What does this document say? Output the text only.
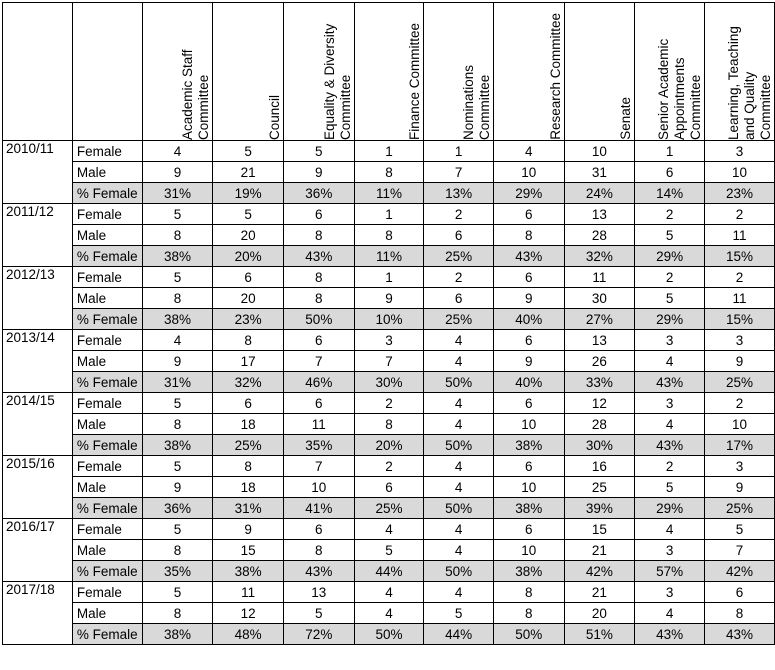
		Academic Staff Committee	Council	Equality & Diversity Committee	Finance Committee	Nominations Committee	Research Committee	Senate	Senior Academic Appointments Committee	Learning, Teaching and Quality Committee

2010/11	Female	4	5	5	1	1	4	10	1	3
	Male	9	21	9	8	7	10	31	6	10
	% Female	31%	19%	36%	11%	13%	29%	24%	14%	23%
2011/12	Female	5	5	6	1	2	6	13	2	2
	Male	8	20	8	8	6	8	28	5	11
	% Female	38%	20%	43%	11%	25%	43%	32%	29%	15%
2012/13	Female	5	6	8	1	2	6	11	2	2
	Male	8	20	8	9	6	9	30	5	11
	% Female	38%	23%	50%	10%	25%	40%	27%	29%	15%
2013/14	Female	4	8	6	3	4	6	13	3	3
	Male	9	17	7	7	4	9	26	4	9
	% Female	31%	32%	46%	30%	50%	40%	33%	43%	25%
2014/15	Female	5	6	6	2	4	6	12	3	2
	Male	8	18	11	8	4	10	28	4	10
	% Female	38%	25%	35%	20%	50%	38%	30%	43%	17%
2015/16	Female	5	8	7	2	4	6	16	2	3
	Male	9	18	10	6	4	10	25	5	9
	% Female	36%	31%	41%	25%	50%	38%	39%	29%	25%
2016/17	Female	5	9	6	4	4	6	15	4	5
	Male	8	15	8	5	4	10	21	3	7
	% Female	35%	38%	43%	44%	50%	38%	42%	57%	42%
2017/18	Female	5	11	13	4	4	8	21	3	6
	Male	8	12	5	4	5	8	20	4	8
	% Female	38%	48%	72%	50%	44%	50%	51%	43%	43%
